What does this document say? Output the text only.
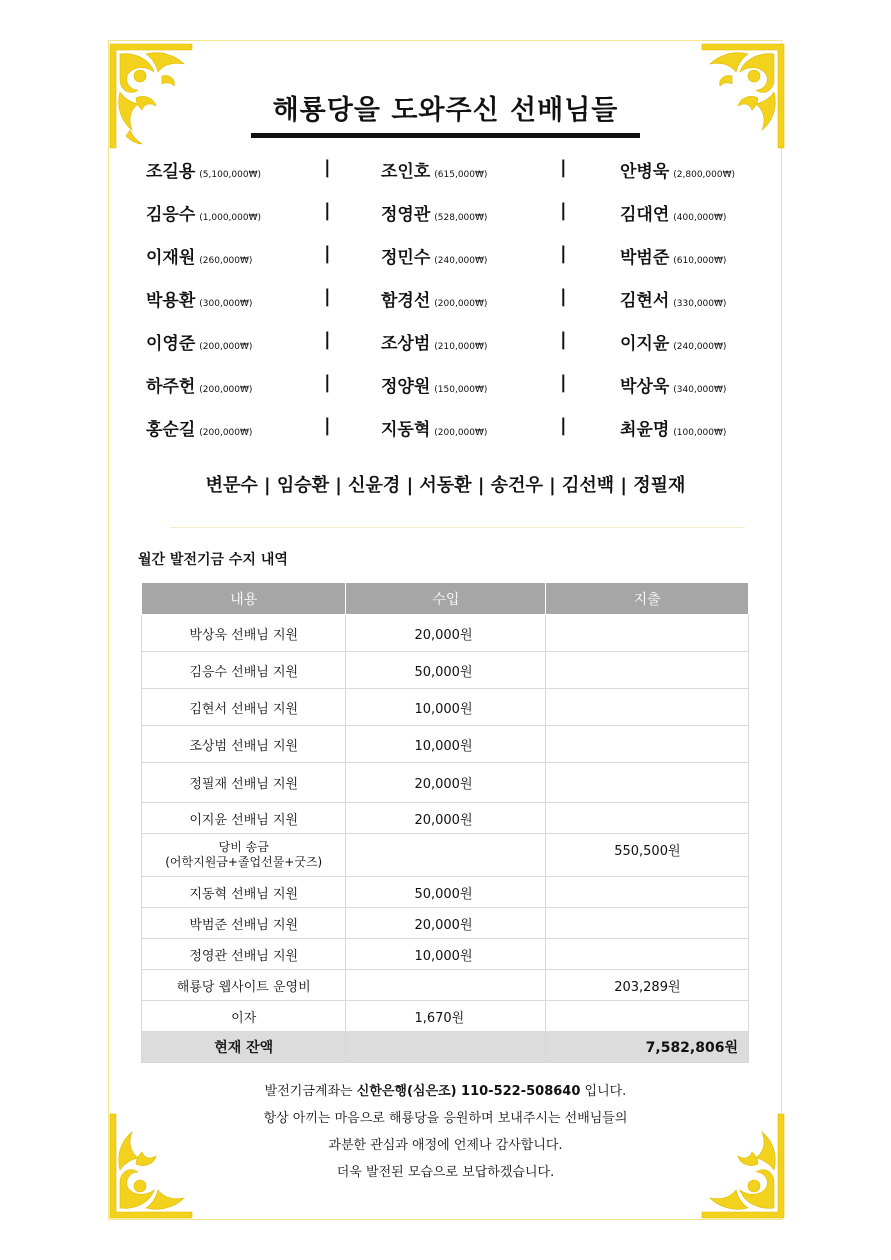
해룡당을 도와주신 선배님들
조길용 (5,100,000₩)	조인호 (615,000₩)	안병욱 (2,800,000₩)
|	|
김응수 (1,000,000₩)	정영관 (528,000₩)	김대연 (400,000₩)
|	|
이재원 (260,000₩)	정민수 (240,000₩)	박범준 (610,000₩)
|	|
박용환 (300,000₩)	함경선 (200,000₩)	김현서 (330,000₩)
|	|
이영준 (200,000₩)	조상범 (210,000₩)	이지윤 (240,000₩)
|	|
하주헌 (200,000₩)	정양원 (150,000₩)	박상욱 (340,000₩)
|	|
홍순길 (200,000₩)	지동혁 (200,000₩)	최윤명 (100,000₩)
|	|
변문수 | 임승환 | 신윤경 | 서동환 | 송건우 | 김선백 | 정필재
월간 발전기금 수지 내역
내용	수입	지출
박상욱 선배님 지원	20,000원	
김응수 선배님 지원	50,000원	
김현서 선배님 지원	10,000원	
조상범 선배님 지원	10,000원	
정필재 선배님 지원	20,000원	
이지윤 선배님 지원	20,000원	

당비 송금
(어학지원금+졸업선물+굿즈)		550,500원
지동혁 선배님 지원	50,000원	
박범준 선배님 지원	20,000원	
정영관 선배님 지원	10,000원	
해룡당 웹사이트 운영비		203,289원
이자	1,670원	
현재 잔액		7,582,806원
발전기금계좌는 신한은행(심은조) 110-522-508640 입니다.
항상 아끼는 마음으로 해룡당을 응원하며 보내주시는 선배님들의
과분한 관심과 애정에 언제나 감사합니다.
더욱 발전된 모습으로 보답하겠습니다.
